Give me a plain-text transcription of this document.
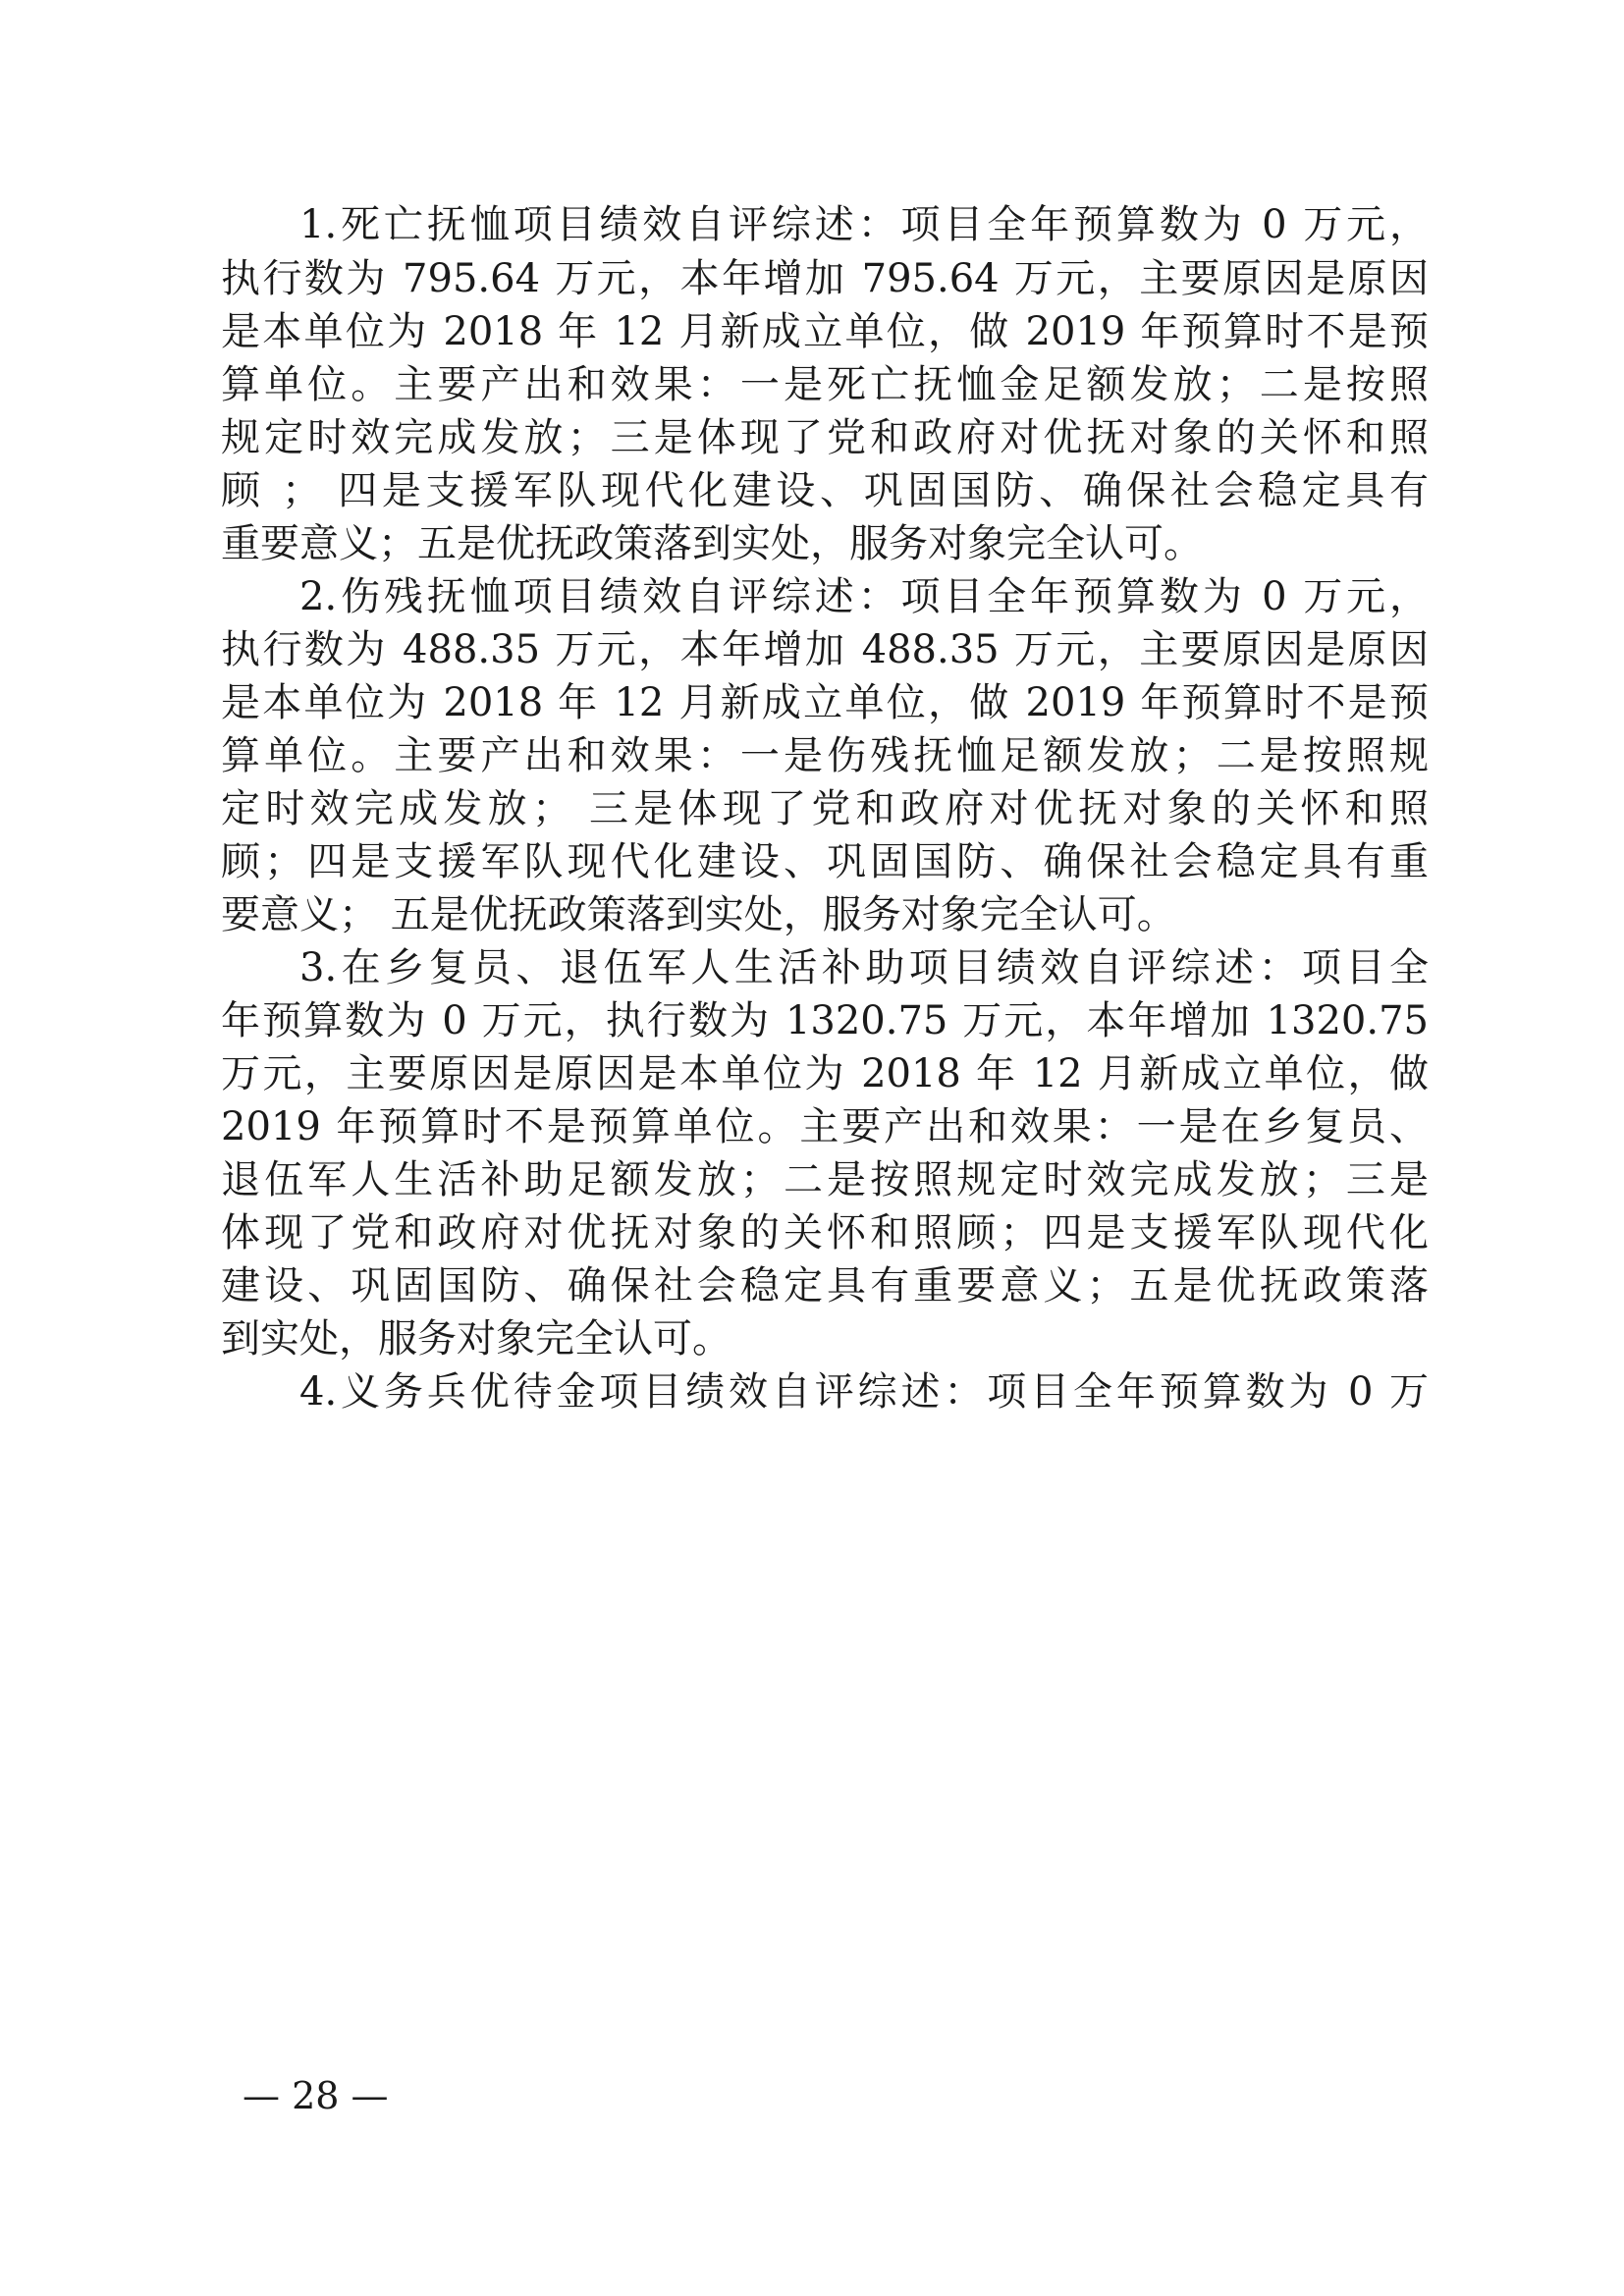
1.死亡抚恤项目绩效自评综述：项目全年预算数为 0 万元，
执行数为 795.64 万元，本年增加 795.64 万元，主要原因是原因
是本单位为 2018 年 12 月新成立单位，做 2019 年预算时不是预
算单位。主要产出和效果：一是死亡抚恤金足额发放；二是按照
规定时效完成发放；三是体现了党和政府对优抚对象的关怀和照
顾 ； 四是支援军队现代化建设、巩固国防、确保社会稳定具有
重要意义；五是优抚政策落到实处，服务对象完全认可。
2.伤残抚恤项目绩效自评综述：项目全年预算数为 0 万元，
执行数为 488.35 万元，本年增加 488.35 万元，主要原因是原因
是本单位为 2018 年 12 月新成立单位，做 2019 年预算时不是预
算单位。主要产出和效果：一是伤残抚恤足额发放；二是按照规
定时效完成发放； 三是体现了党和政府对优抚对象的关怀和照
顾；四是支援军队现代化建设、巩固国防、确保社会稳定具有重
要意义； 五是优抚政策落到实处，服务对象完全认可。
3.在乡复员、退伍军人生活补助项目绩效自评综述：项目全
年预算数为 0 万元，执行数为 1320.75 万元，本年增加 1320.75
万元，主要原因是原因是本单位为 2018 年 12 月新成立单位，做
2019 年预算时不是预算单位。主要产出和效果：一是在乡复员、
退伍军人生活补助足额发放；二是按照规定时效完成发放；三是
体现了党和政府对优抚对象的关怀和照顾；四是支援军队现代化
建设、巩固国防、确保社会稳定具有重要意义；五是优抚政策落
到实处，服务对象完全认可。
4.义务兵优待金项目绩效自评综述：项目全年预算数为 0 万
— 28 —
